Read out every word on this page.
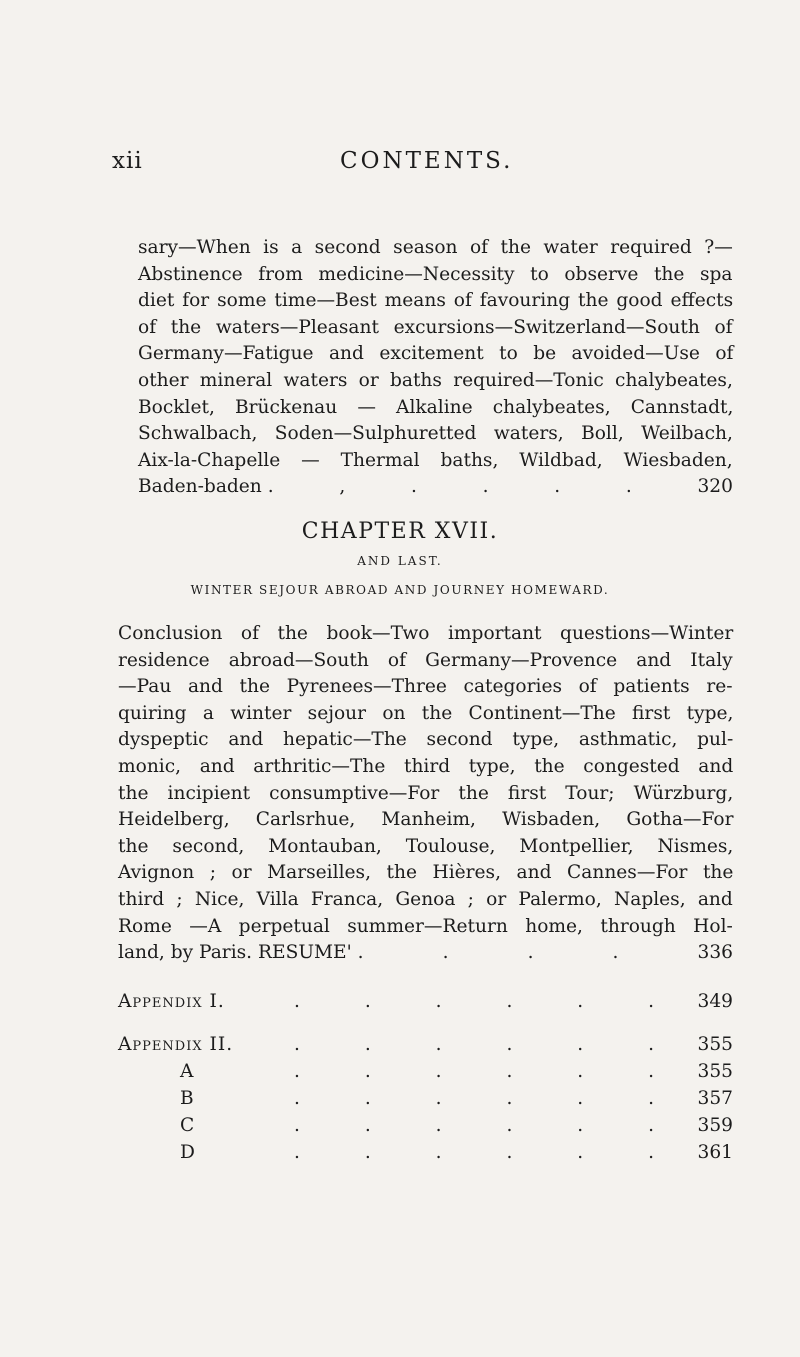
xii	CONTENTS.
sary—When is a second season of the water required ?—
Abstinence from medicine—Necessity to observe the spa
diet for some time—Best means of favouring the good effects
of the waters—Pleasant excursions—Switzerland—South of
Germany—Fatigue and excitement to be avoided—Use of
other mineral waters or baths required—Tonic chalybeates,
Bocklet, Brückenau — Alkaline chalybeates, Cannstadt,
Schwalbach, Soden—Sulphuretted waters, Boll, Weilbach,
Aix-la-Chapelle — Thermal baths, Wildbad, Wiesbaden,
Baden-baden .	,	.	.	.	.	320
CHAPTER XVII.
AND LAST.
WINTER SEJOUR ABROAD AND JOURNEY HOMEWARD.
Conclusion of the book—Two important questions—Winter
residence abroad—South of Germany—Provence and Italy
—Pau and the Pyrenees—Three categories of patients re-
quiring a winter sejour on the Continent—The first type,
dyspeptic and hepatic—The second type, asthmatic, pul-
monic, and arthritic—The third type, the congested and
the incipient consumptive—For the first Tour; Würzburg,
Heidelberg, Carlsrhue, Manheim, Wisbaden, Gotha—For
the second, Montauban, Toulouse, Montpellier, Nismes,
Avignon ; or Marseilles, the Hières, and Cannes—For the
third ; Nice, Villa Franca, Genoa ; or Palermo, Naples, and
Rome —A perpetual summer—Return home, through Hol-
land, by Paris. RESUME' .	.	.	.	336
Appendix I.	.	.	.	.	.	. 349
Appendix II.	.	.	.	.	.	. 355
A	.	.	.	.	.	. 355
B	.	.	.	.	.	. 357
C	.	.	.	.	.	. 359
D	.	.	.	.	.	. 361
